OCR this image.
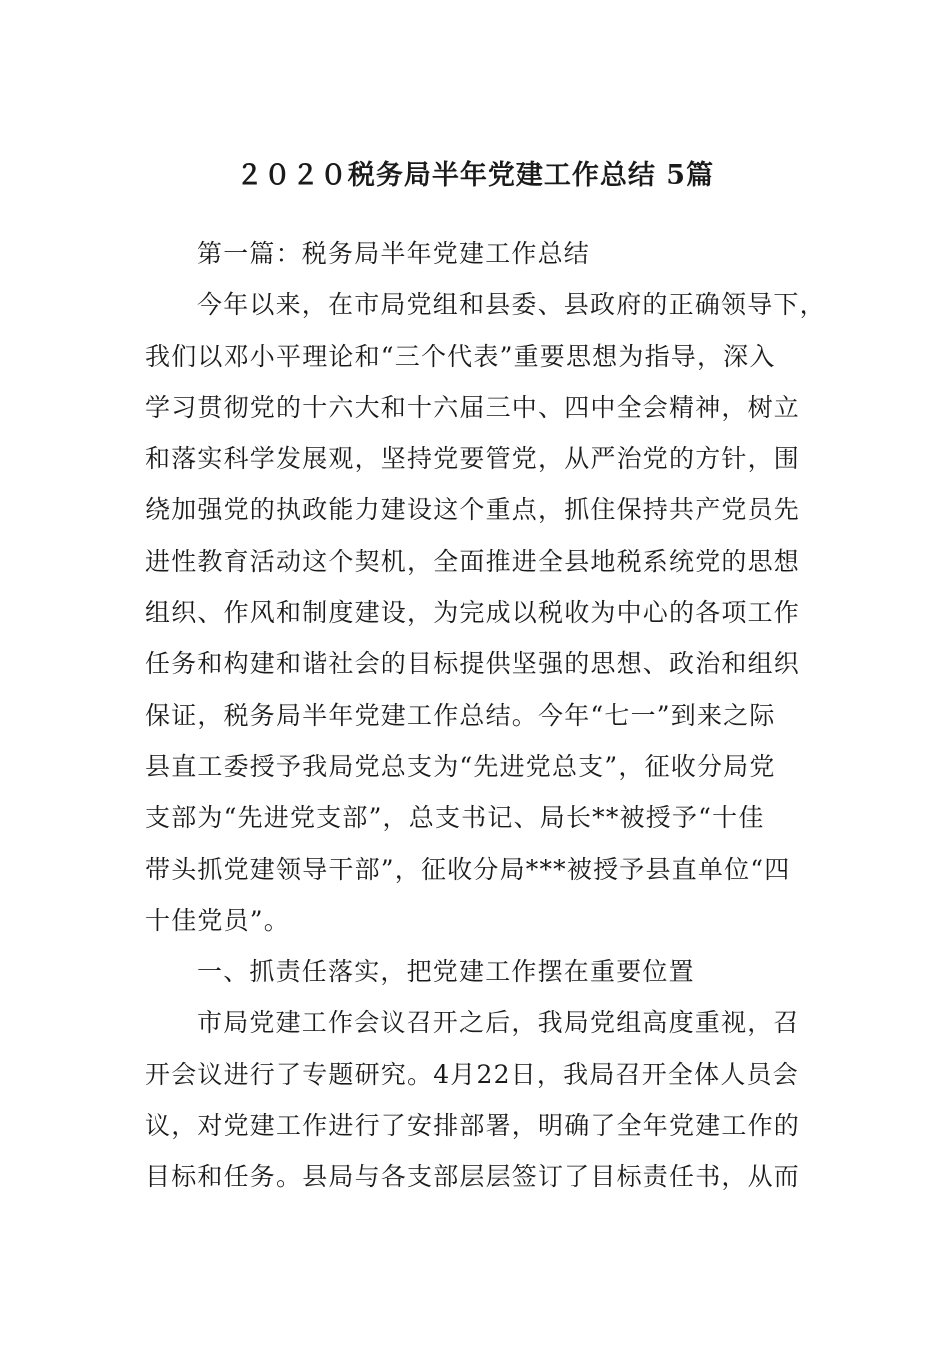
２０２０税务局半年党建工作总结 5篇
第一篇：税务局半年党建工作总结
今年以来，在市局党组和县委、县政府的正确领导下，
我们以邓小平理论和“三个代表”重要思想为指导，深入
学习贯彻党的十六大和十六届三中、四中全会精神，树立
和落实科学发展观，坚持党要管党，从严治党的方针，围
绕加强党的执政能力建设这个重点，抓住保持共产党员先
进性教育活动这个契机，全面推进全县地税系统党的思想
组织、作风和制度建设，为完成以税收为中心的各项工作
任务和构建和谐社会的目标提供坚强的思想、政治和组织
保证，税务局半年党建工作总结。今年“七一”到来之际
县直工委授予我局党总支为“先进党总支”，征收分局党
支部为“先进党支部”，总支书记、局长**被授予“十佳
带头抓党建领导干部”，征收分局***被授予县直单位“四
十佳党员”。
一、抓责任落实，把党建工作摆在重要位置
市局党建工作会议召开之后，我局党组高度重视，召
开会议进行了专题研究。4月22日，我局召开全体人员会
议，对党建工作进行了安排部署，明确了全年党建工作的
目标和任务。县局与各支部层层签订了目标责任书，从而
